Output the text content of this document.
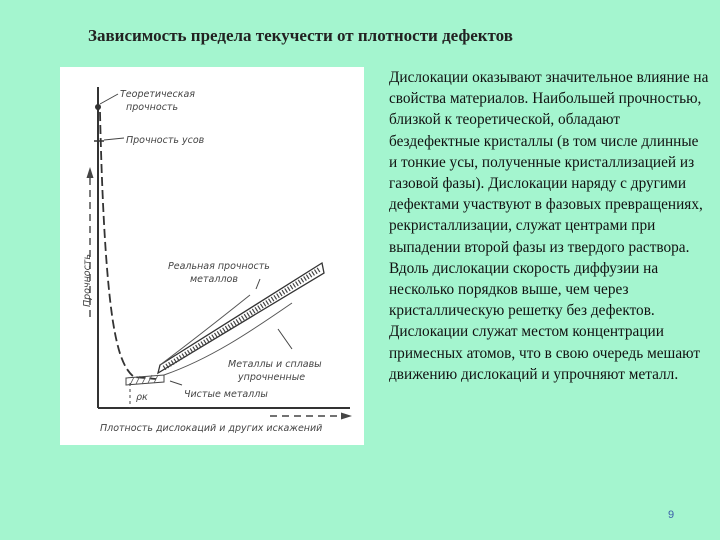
Зависимость предела текучести от плотности дефектов
ρк
Теоретическая
прочность
Прочность усов
Прочность	Реальная прочность
металлов
Металлы и сплавы
упрочненные
Чистые металлы
Плотность дислокаций и других искажений

Дислокации оказывают значительное влияние на свойства материалов. Наибольшей прочностью, близкой к теоретической, обладают бездефектные кристаллы (в том числе длинные и тонкие усы, полученные кристаллизацией из газовой фазы). Дислокации наряду с другими дефектами участвуют в фазовых превращениях, рекристаллизации, служат центрами при выпадении второй фазы из твердого раствора. Вдоль дислокации скорость диффузии на несколько порядков выше, чем через кристаллическую решетку без дефектов. Дислокации служат местом концентрации примесных атомов, что в свою очередь мешают движению дислокаций и упрочняют металл.

9
